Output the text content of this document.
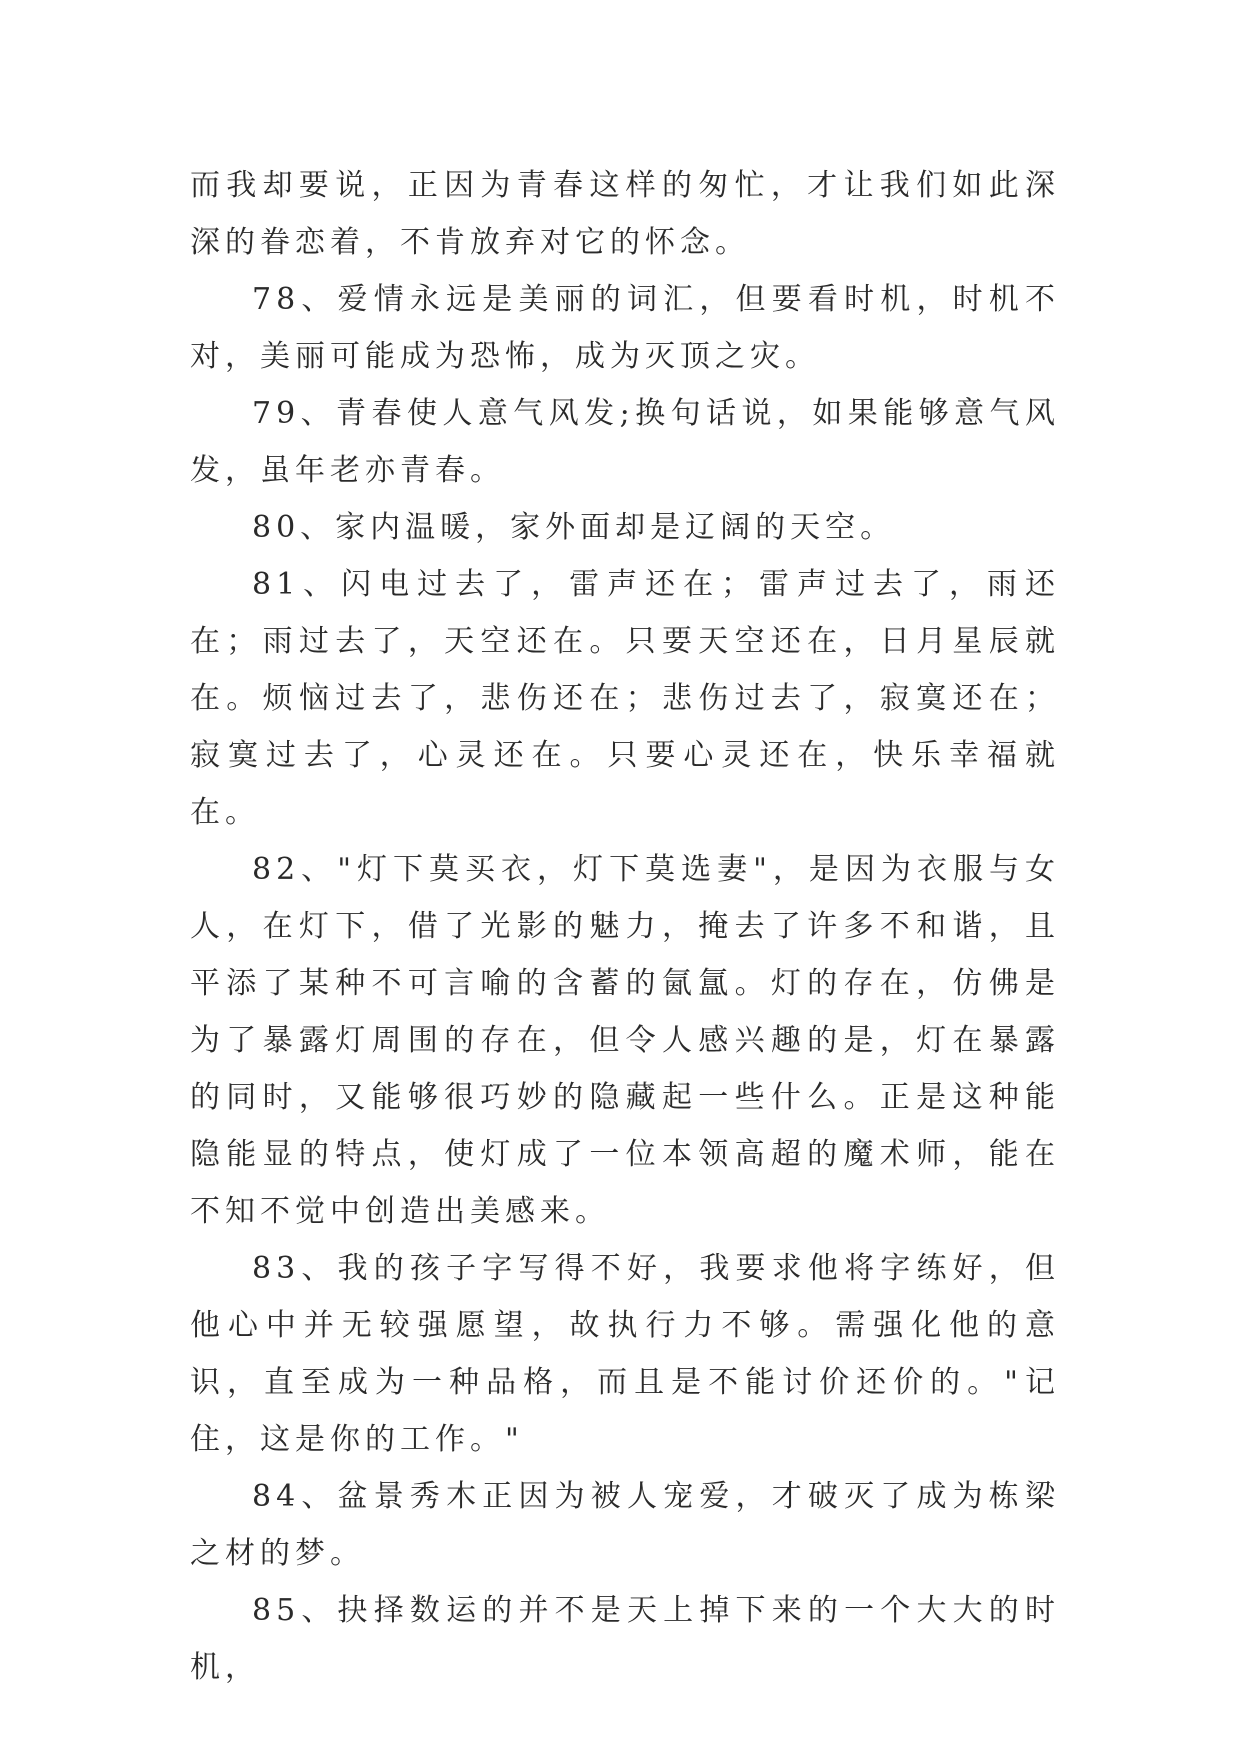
而我却要说，正因为青春这样的匆忙，才让我们如此深深的眷恋着，不肯放弃对它的怀念。

78、爱情永远是美丽的词汇，但要看时机，时机不对，美丽可能成为恐怖，成为灭顶之灾。

79、青春使人意气风发;换句话说，如果能够意气风发，虽年老亦青春。

80、家内温暖，家外面却是辽阔的天空。

81、闪电过去了，雷声还在；雷声过去了，雨还在；雨过去了，天空还在。只要天空还在，日月星辰就在。烦恼过去了，悲伤还在；悲伤过去了，寂寞还在；寂寞过去了，心灵还在。只要心灵还在，快乐幸福就在。

82、"灯下莫买衣，灯下莫选妻"，是因为衣服与女人，在灯下，借了光影的魅力，掩去了许多不和谐，且平添了某种不可言喻的含蓄的氤氲。灯的存在，仿佛是为了暴露灯周围的存在，但令人感兴趣的是，灯在暴露的同时，又能够很巧妙的隐藏起一些什么。正是这种能隐能显的特点，使灯成了一位本领高超的魔术师，能在不知不觉中创造出美感来。

83、我的孩子字写得不好，我要求他将字练好，但他心中并无较强愿望，故执行力不够。需强化他的意识，直至成为一种品格，而且是不能讨价还价的。"记住，这是你的工作。"

84、盆景秀木正因为被人宠爱，才破灭了成为栋梁之材的梦。

85、抉择数运的并不是天上掉下来的一个大大的时机，
